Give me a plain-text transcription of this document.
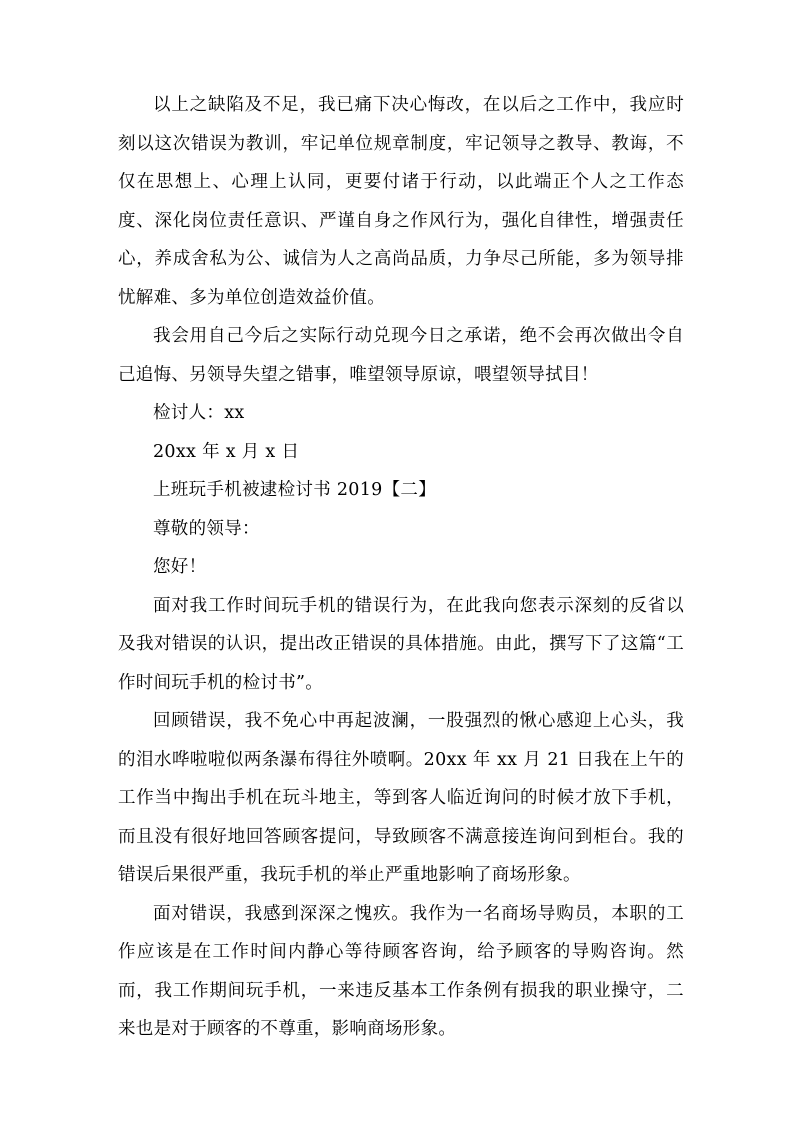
以上之缺陷及不足，我已痛下决心悔改，在以后之工作中，我应时刻以这次错误为教训，牢记单位规章制度，牢记领导之教导、教诲，不仅在思想上、心理上认同，更要付诸于行动，以此端正个人之工作态度、深化岗位责任意识、严谨自身之作风行为，强化自律性，增强责任心，养成舍私为公、诚信为人之高尚品质，力争尽己所能，多为领导排忧解难、多为单位创造效益价值。

我会用自己今后之实际行动兑现今日之承诺，绝不会再次做出令自己追悔、另领导失望之错事，唯望领导原谅，喂望领导拭目！

检讨人：xx

20xx 年 x 月 x 日

上班玩手机被逮检讨书 2019【二】

尊敬的领导：

您好！

面对我工作时间玩手机的错误行为，在此我向您表示深刻的反省以及我对错误的认识，提出改正错误的具体措施。由此，撰写下了这篇“工作时间玩手机的检讨书”。

回顾错误，我不免心中再起波澜，一股强烈的愀心感迎上心头，我的泪水哗啦啦似两条瀑布得往外喷啊。20xx 年 xx 月 21 日我在上午的工作当中掏出手机在玩斗地主，等到客人临近询问的时候才放下手机，而且没有很好地回答顾客提问，导致顾客不满意接连询问到柜台。我的错误后果很严重，我玩手机的举止严重地影响了商场形象。

面对错误，我感到深深之愧疚。我作为一名商场导购员，本职的工作应该是在工作时间内静心等待顾客咨询，给予顾客的导购咨询。然而，我工作期间玩手机，一来违反基本工作条例有损我的职业操守，二来也是对于顾客的不尊重，影响商场形象。
